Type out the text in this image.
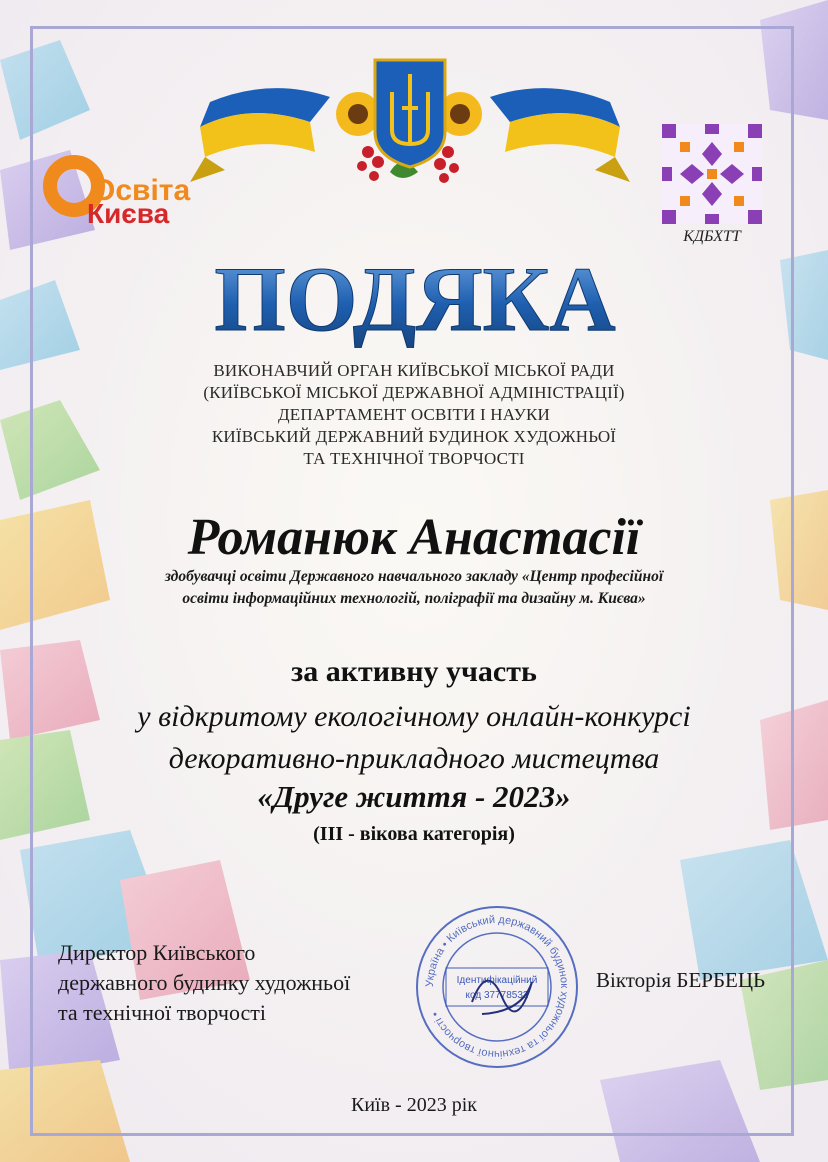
Освіта
Києва
КДБХТТ
ПОДЯКА
ВИКОНАВЧИЙ ОРГАН КИЇВСЬКОЇ МІСЬКОЇ РАДИ
(КИЇВСЬКОЇ МІСЬКОЇ ДЕРЖАВНОЇ АДМІНІСТРАЦІЇ)
ДЕПАРТАМЕНТ ОСВІТИ І НАУКИ
КИЇВСЬКИЙ ДЕРЖАВНИЙ БУДИНОК ХУДОЖНЬОЇ
ТА ТЕХНІЧНОЇ ТВОРЧОСТІ
Романюк Анастасії
здобувачці освіти Державного навчального закладу «Центр професійної
освіти інформаційних технологій, поліграфії та дизайну м. Києва»
за активну участь
у відкритому екологічному онлайн-конкурсі
декоративно-прикладного мистецтва
«Друге життя - 2023»
(ІІІ - вікова категорія)
Директор Київського
державного будинку художньої
та технічної творчості
Україна • Київський державний будинок художньої та технічної творчості •
Ідентифікаційний
код 37778532
Вікторія БЕРБЕЦЬ
Київ - 2023 рік
